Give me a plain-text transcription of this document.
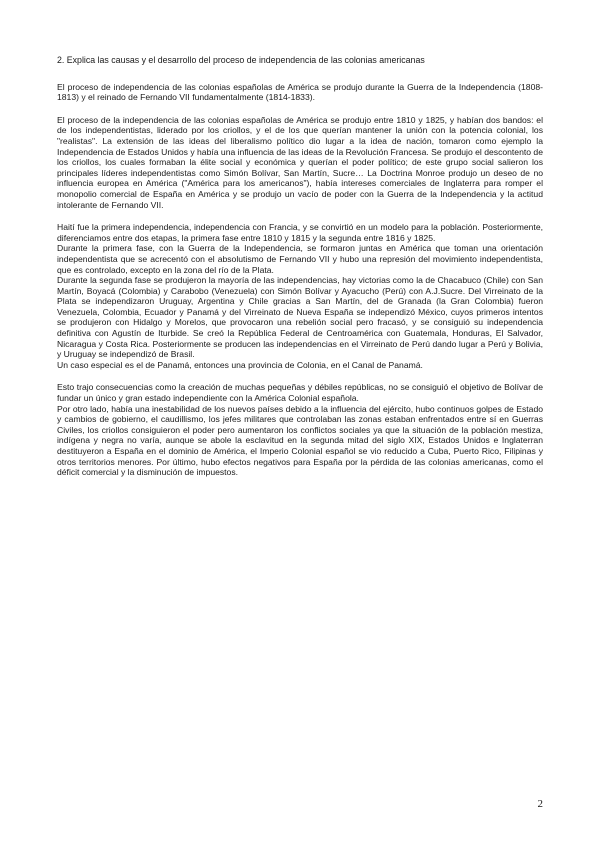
2. Explica las causas y el desarrollo del proceso de independencia de las colonias americanas

El proceso de independencia de las colonias españolas de América se produjo durante la Guerra de la Independencia (1808-1813) y el reinado de Fernando VII fundamentalmente (1814-1833).

El proceso de la independencia de las colonias españolas de América se produjo entre 1810 y 1825, y habían dos bandos: el de los independentistas, liderado por los criollos, y el de los que querían mantener la unión con la potencia colonial, los "realistas". La extensión de las ideas del liberalismo político dio lugar a la idea de nación, tomaron como ejemplo la Independencia de Estados Unidos y había una influencia de las ideas de la Revolución Francesa. Se produjo el descontento de los criollos, los cuales formaban la élite social y económica y querían el poder político; de este grupo social salieron los principales líderes independentistas como Simón Bolívar, San Martín, Sucre… La Doctrina Monroe produjo un deseo de no influencia europea en América ("América para los americanos"), había intereses comerciales de Inglaterra para romper el monopolio comercial de España en América y se produjo un vacío de poder con la Guerra de la Independencia y la actitud intolerante de Fernando VII.

Haití fue la primera independencia, independencia con Francia, y se convirtió en un modelo para la población. Posteriormente, diferenciamos entre dos etapas, la primera fase entre 1810 y 1815 y la segunda entre 1816 y 1825.

Durante la primera fase, con la Guerra de la Independencia, se formaron juntas en América que toman una orientación independentista que se acrecentó con el absolutismo de Fernando VII y hubo una represión del movimiento independentista, que es controlado, excepto en la zona del río de la Plata.

Durante la segunda fase se produjeron la mayoría de las independencias, hay victorias como la de Chacabuco (Chile) con San Martín, Boyacá (Colombia) y Carabobo (Venezuela) con Simón Bolívar y Ayacucho (Perú) con A.J.Sucre. Del Virreinato de la Plata se independizaron Uruguay, Argentina y Chile gracias a San Martín, del de Granada (la Gran Colombia) fueron Venezuela, Colombia, Ecuador y Panamá y del Virreinato de Nueva España se independizó México, cuyos primeros intentos se produjeron con Hidalgo y Morelos, que provocaron una rebelión social pero fracasó, y se consiguió su independencia definitiva con Agustín de Iturbide. Se creó la República Federal de Centroamérica con Guatemala, Honduras, El Salvador, Nicaragua y Costa Rica. Posteriormente se producen las independencias en el Virreinato de Perú dando lugar a Perú y Bolivia, y Uruguay se independizó de Brasil.

Un caso especial es el de Panamá, entonces una provincia de Colonia, en el Canal de Panamá.

Esto trajo consecuencias como la creación de muchas pequeñas y débiles repúblicas, no se consiguió el objetivo de Bolívar de fundar un único y gran estado independiente con la América Colonial española.

Por otro lado, había una inestabilidad de los nuevos países debido a la influencia del ejército, hubo continuos golpes de Estado y cambios de gobierno, el caudillismo, los jefes militares que controlaban las zonas estaban enfrentados entre sí en Guerras Civiles, los criollos consiguieron el poder pero aumentaron los conflictos sociales ya que la situación de la población mestiza, indígena y negra no varía, aunque se abole la esclavitud en la segunda mitad del siglo XIX, Estados Unidos e Inglaterran destituyeron a España en el dominio de América, el Imperio Colonial español se vio reducido a Cuba, Puerto Rico, Filipinas y otros territorios menores. Por último, hubo efectos negativos para España por la pérdida de las colonias americanas, como el déficit comercial y la disminución de impuestos.

2
